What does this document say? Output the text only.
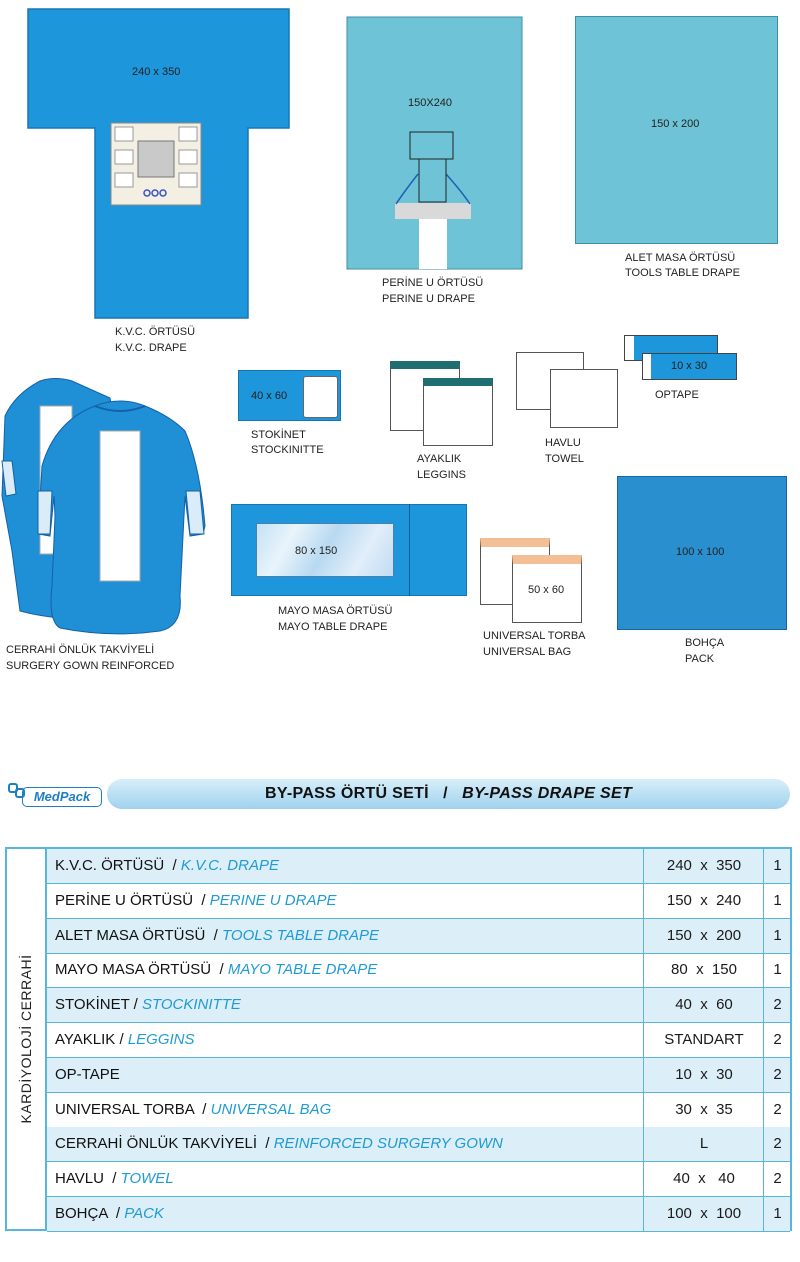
240 x 350
K.V.C. ÖRTÜSÜ
K.V.C. DRAPE
150X240
PERİNE U ÖRTÜSÜ
PERINE U DRAPE
150 x 200
ALET MASA ÖRTÜSÜ
TOOLS TABLE DRAPE
40 x 60
STOKİNET
STOCKINITTE
AYAKLIK
LEGGINS
HAVLU
TOWEL
10 x 30
OPTAPE
CERRAHİ ÖNLÜK TAKVİYELİ
SURGERY GOWN REINFORCED
80 x 150
MAYO MASA ÖRTÜSÜ
MAYO TABLE DRAPE
50 x 60
UNIVERSAL TORBA
UNIVERSAL BAG
100 x 100
BOHÇA
PACK
MedPack	BY-PASS ÖRTÜ SETİ / BY-PASS DRAPE SET
KARDİYOLOJİ CERRAHİ
K.V.C. ÖRTÜSÜ  / K.V.C. DRAPE	240  x  350	1
PERİNE U ÖRTÜSÜ  / PERINE U DRAPE	150  x  240	1
ALET MASA ÖRTÜSÜ  / TOOLS TABLE DRAPE	150  x  200	1
MAYO MASA ÖRTÜSÜ  / MAYO TABLE DRAPE	80  x  150	1
STOKİNET / STOCKINITTE	40  x  60	2
AYAKLIK / LEGGINS	STANDART	2
OP-TAPE	10  x  30	2
UNIVERSAL TORBA  / UNIVERSAL BAG	30  x  35	2
CERRAHİ ÖNLÜK TAKVİYELİ  / REINFORCED SURGERY GOWN	L	2
HAVLU  / TOWEL	40  x   40	2
BOHÇA  / PACK	100  x  100	1
